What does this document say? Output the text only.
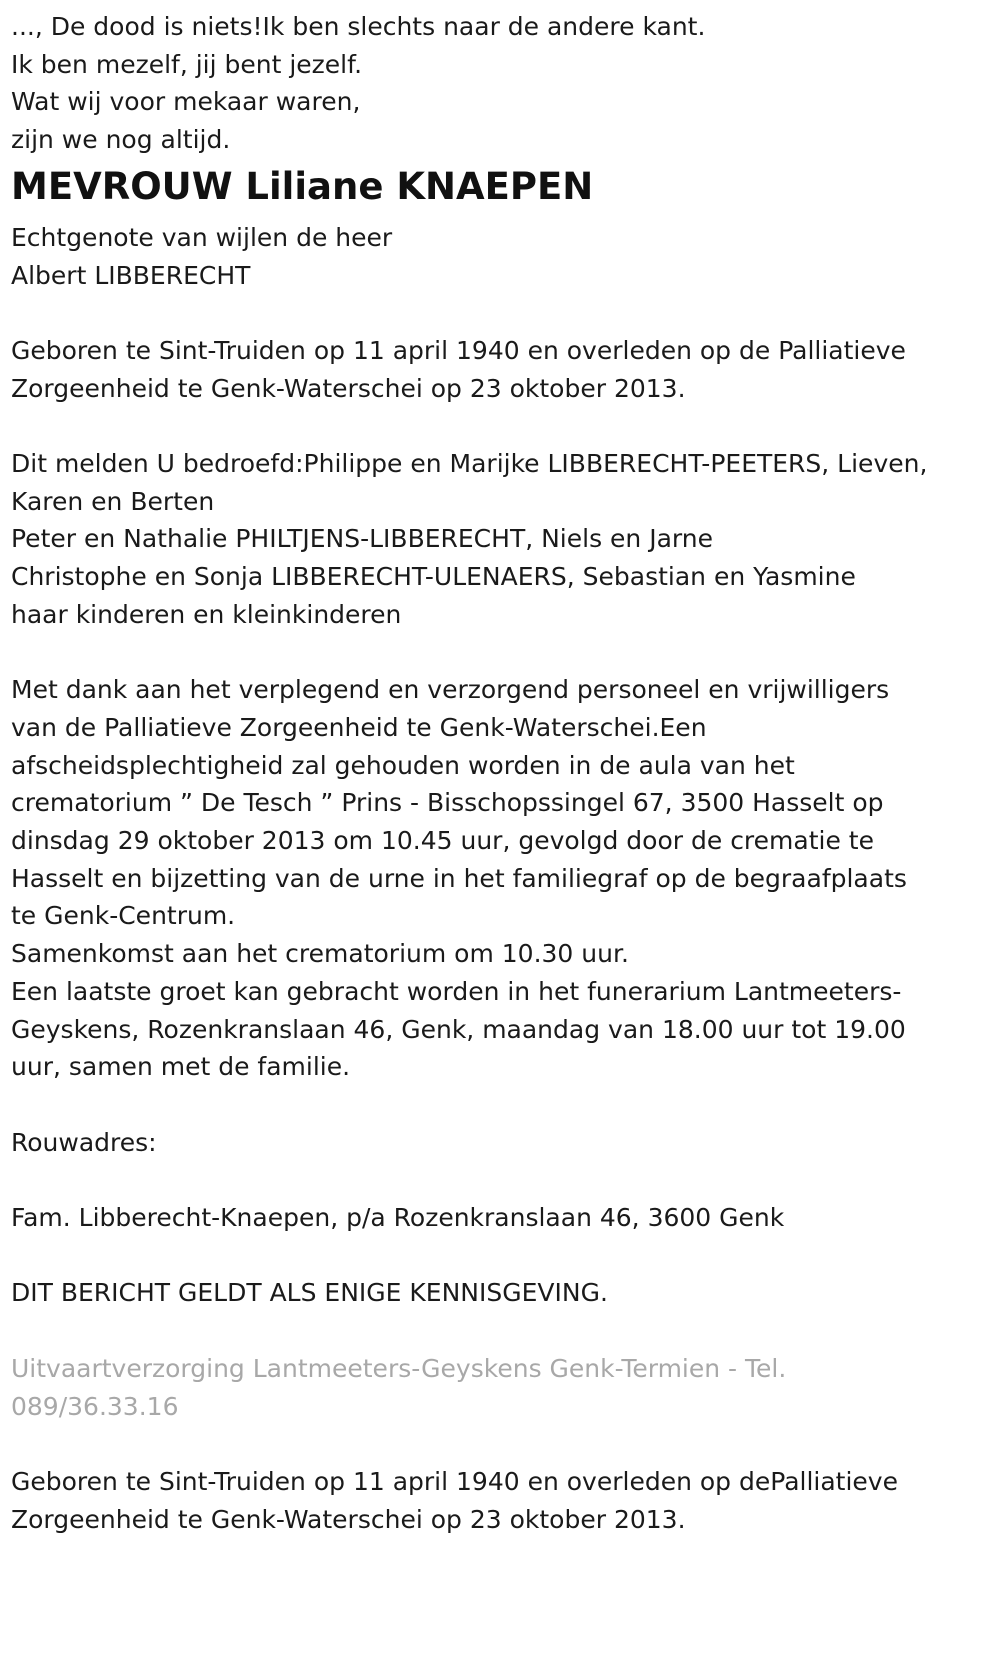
..., De dood is niets!Ik ben slechts naar de andere kant.

Ik ben mezelf, jij bent jezelf.

Wat wij voor mekaar waren,

zijn we nog altijd.

MEVROUW Liliane KNAEPEN

Echtgenote van wijlen de heer

Albert LIBBERECHT

Geboren te Sint-Truiden op 11 april 1940 en overleden op de Palliatieve

Zorgeenheid te Genk-Waterschei op 23 oktober 2013.

Dit melden U bedroefd:Philippe en Marijke LIBBERECHT-PEETERS, Lieven,

Karen en Berten

Peter en Nathalie PHILTJENS-LIBBERECHT, Niels en Jarne

Christophe en Sonja LIBBERECHT-ULENAERS, Sebastian en Yasmine

haar kinderen en kleinkinderen

Met dank aan het verplegend en verzorgend personeel en vrijwilligers

van de Palliatieve Zorgeenheid te Genk-Waterschei.Een

afscheidsplechtigheid zal gehouden worden in de aula van het

crematorium ” De Tesch ” Prins - Bisschopssingel 67, 3500 Hasselt op

dinsdag 29 oktober 2013 om 10.45 uur, gevolgd door de crematie te

Hasselt en bijzetting van de urne in het familiegraf op de begraafplaats

te Genk-Centrum.

Samenkomst aan het crematorium om 10.30 uur.

Een laatste groet kan gebracht worden in het funerarium Lantmeeters-

Geyskens, Rozenkranslaan 46, Genk, maandag van 18.00 uur tot 19.00

uur, samen met de familie.

Rouwadres:

Fam. Libberecht-Knaepen, p/a Rozenkranslaan 46, 3600 Genk

DIT BERICHT GELDT ALS ENIGE KENNISGEVING.

Uitvaartverzorging Lantmeeters-Geyskens Genk-Termien - Tel.

089/36.33.16

Geboren te Sint-Truiden op 11 april 1940 en overleden op dePalliatieve

Zorgeenheid te Genk-Waterschei op 23 oktober 2013.
